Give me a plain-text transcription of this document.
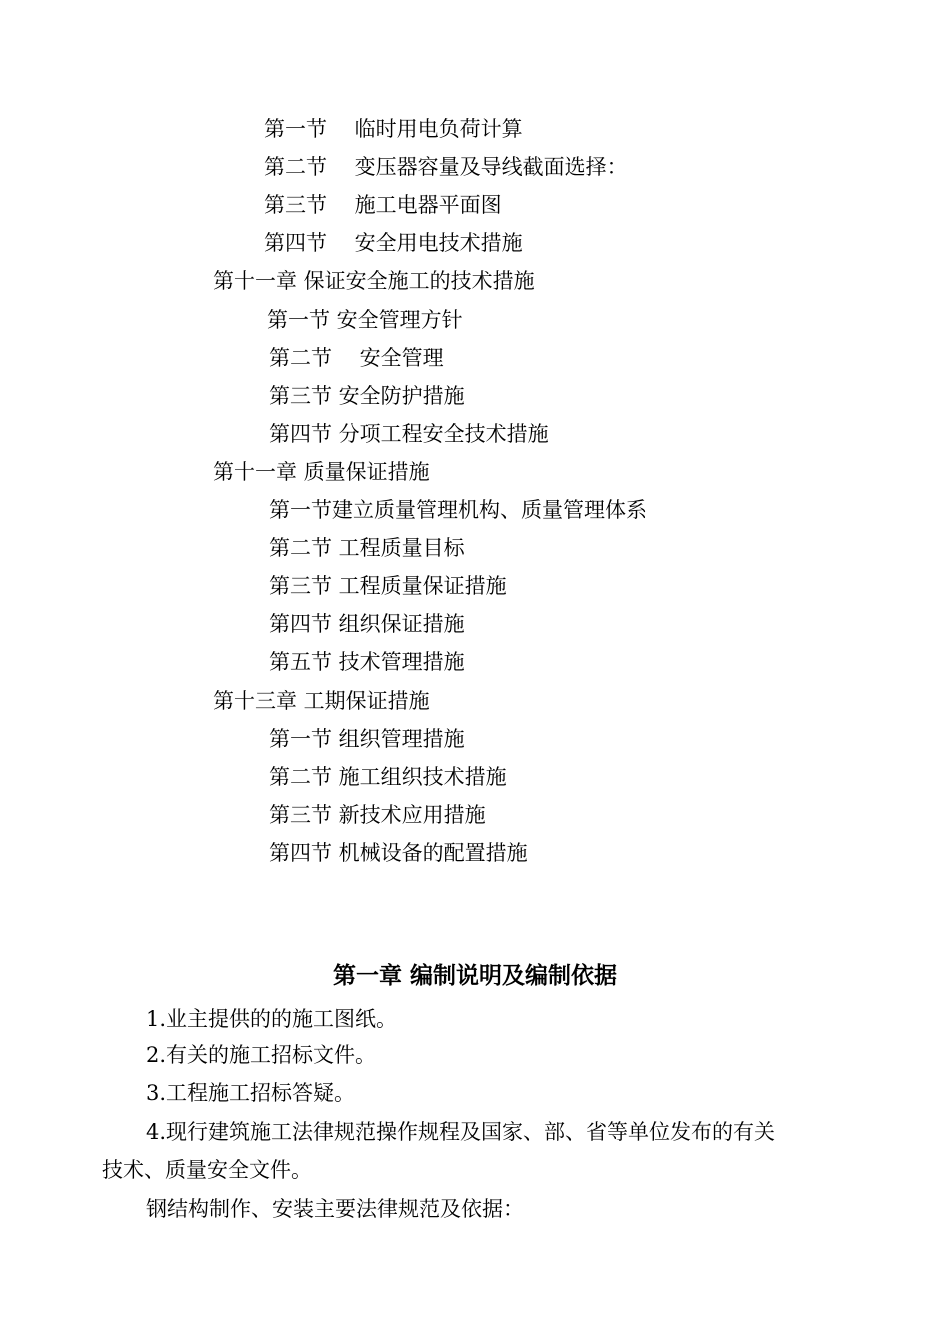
第一节　 临时用电负荷计算
第二节　 变压器容量及导线截面选择：
第三节　 施工电器平面图
第四节　 安全用电技术措施
第十一章 保证安全施工的技术措施
第一节 安全管理方针
第二节　 安全管理
第三节 安全防护措施
第四节 分项工程安全技术措施
第十一章 质量保证措施
第一节建立质量管理机构、质量管理体系
第二节 工程质量目标
第三节 工程质量保证措施
第四节 组织保证措施
第五节 技术管理措施
第十三章 工期保证措施
第一节 组织管理措施
第二节 施工组织技术措施
第三节 新技术应用措施
第四节 机械设备的配置措施
第一章 编制说明及编制依据
1.业主提供的的施工图纸。
2.有关的施工招标文件。
3.工程施工招标答疑。
4.现行建筑施工法律规范操作规程及国家、部、省等单位发布的有关
技术、质量安全文件。
钢结构制作、安装主要法律规范及依据：
